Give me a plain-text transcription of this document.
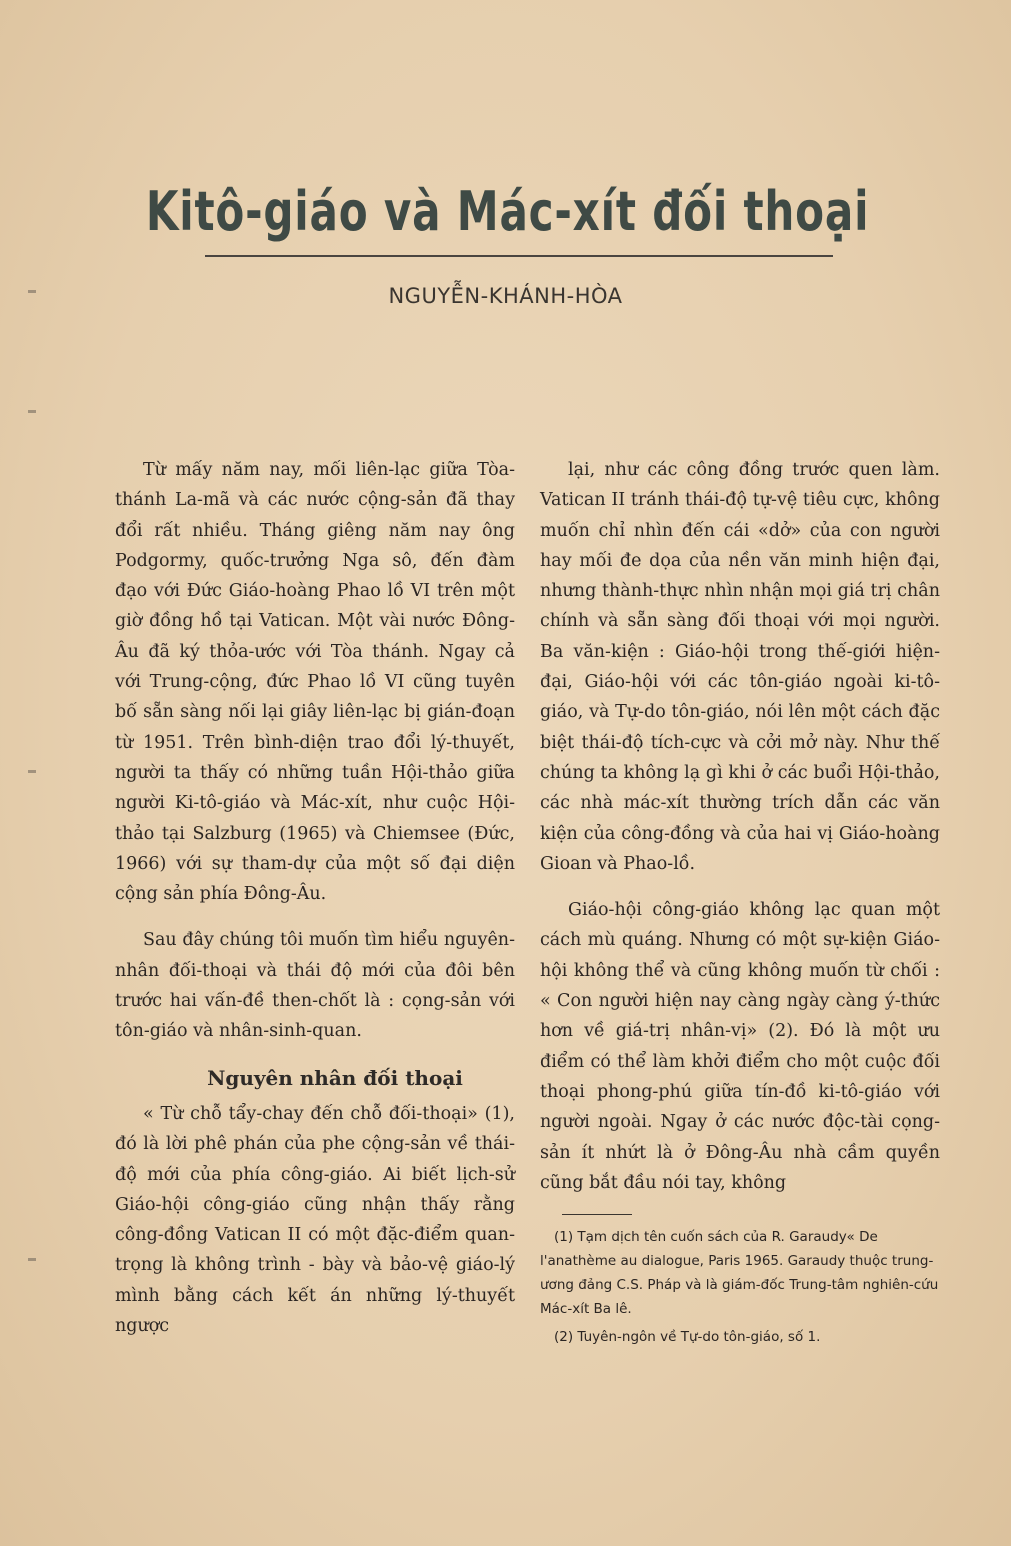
Kitô-giáo và Mác-xít đối thoại
NGUYỄN-KHÁNH-HÒA

Từ mấy năm nay, mối liên-lạc giữa Tòa-thánh La-mã và các nước cộng-sản đã thay đổi rất nhiều. Tháng giêng năm nay ông Podgormy, quốc-trưởng Nga sô, đến đàm đạo với Đức Giáo-hoàng Phao lồ VI trên một giờ đồng hồ tại Vatican. Một vài nước Đông-Âu đã ký thỏa-ước với Tòa thánh. Ngay cả với Trung-cộng, đức Phao lồ VI cũng tuyên bố sẵn sàng nối lại giây liên-lạc bị gián-đoạn từ 1951. Trên bình-diện trao đổi lý-thuyết, người ta thấy có những tuần Hội-thảo giữa người Ki-tô-giáo và Mác-xít, như cuộc Hội-thảo tại Salzburg (1965) và Chiemsee (Đức, 1966) với sự tham-dự của một số đại diện cộng sản phía Đông-Âu.

Sau đây chúng tôi muốn tìm hiểu nguyên-nhân đối-thoại và thái độ mới của đôi bên trước hai vấn-đề then-chốt là : cọng-sản với tôn-giáo và nhân-sinh-quan.

Nguyên nhân đối thoại

« Từ chỗ tẩy-chay đến chỗ đối-thoại» (1), đó là lời phê phán của phe cộng-sản về thái-độ mới của phía công-giáo. Ai biết lịch-sử Giáo-hội công-giáo cũng nhận thấy rằng công-đồng Vatican II có một đặc-điểm quan-trọng là không trình - bày và bảo-vệ giáo-lý mình bằng cách kết án những lý-thuyết ngược

lại, như các công đồng trước quen làm. Vatican II tránh thái-độ tự-vệ tiêu cực, không muốn chỉ nhìn đến cái «dở» của con người hay mối đe dọa của nền văn minh hiện đại, nhưng thành-thực nhìn nhận mọi giá trị chân chính và sẵn sàng đối thoại với mọi người. Ba văn-kiện : Giáo-hội trong thế-giới hiện-đại, Giáo-hội với các tôn-giáo ngoài ki-tô-giáo, và Tự-do tôn-giáo, nói lên một cách đặc biệt thái-độ tích-cực và cởi mở này. Như thế chúng ta không lạ gì khi ở các buổi Hội-thảo, các nhà mác-xít thường trích dẫn các văn kiện của công-đồng và của hai vị Giáo-hoàng Gioan và Phao-lồ.

Giáo-hội công-giáo không lạc quan một cách mù quáng. Nhưng có một sự-kiện Giáo-hội không thể và cũng không muốn từ chối : « Con người hiện nay càng ngày càng ý-thức hơn về giá-trị nhân-vị» (2). Đó là một ưu điểm có thể làm khởi điểm cho một cuộc đối thoại phong-phú giữa tín-đồ ki-tô-giáo với người ngoài. Ngay ở các nước độc-tài cọng-sản ít nhứt là ở Đông-Âu nhà cầm quyền cũng bắt đầu nói tay, không

(1) Tạm dịch tên cuốn sách của R. Garaudy« De l'anathème au dialogue, Paris 1965. Garaudy thuộc trung-ương đảng C.S. Pháp và là giám-đốc Trung-tâm nghiên-cứu Mác-xít Ba lê.

(2) Tuyên-ngôn về Tự-do tôn-giáo, số 1.
